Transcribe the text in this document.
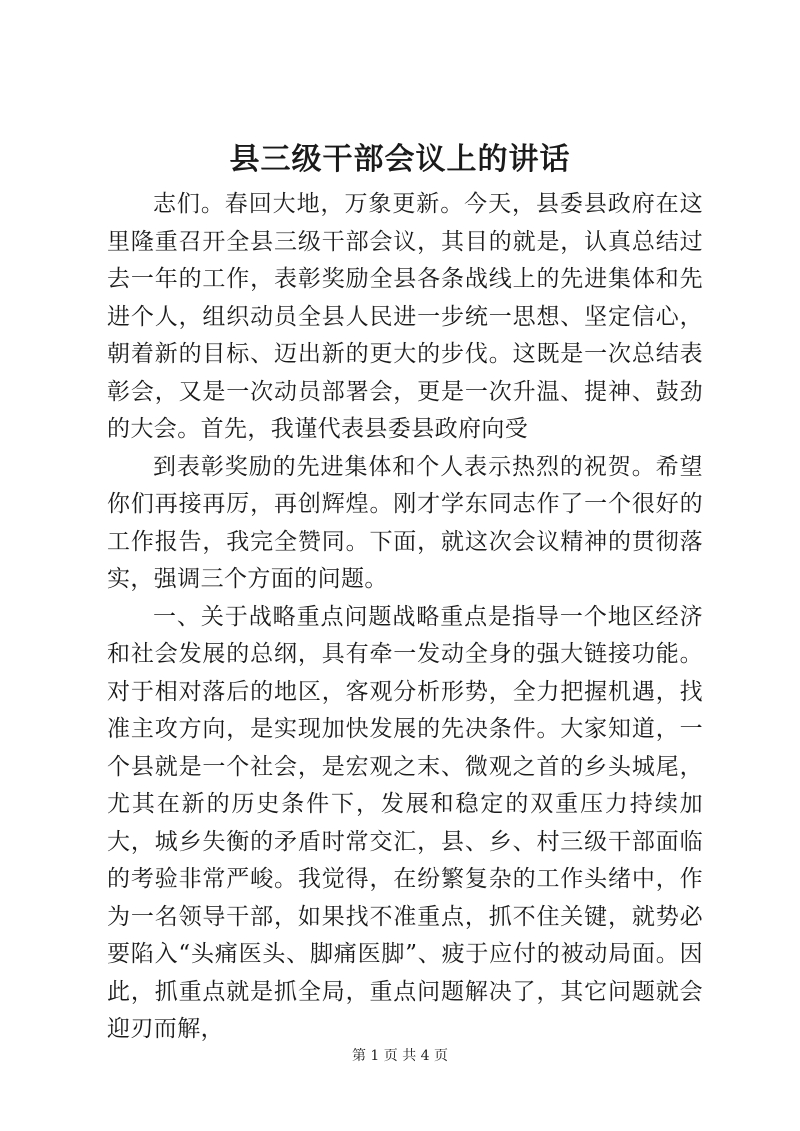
县三级干部会议上的讲话

志们。春回大地，万象更新。今天，县委县政府在这里隆重召开全县三级干部会议，其目的就是，认真总结过去一年的工作，表彰奖励全县各条战线上的先进集体和先进个人，组织动员全县人民进一步统一思想、坚定信心，朝着新的目标、迈出新的更大的步伐。这既是一次总结表彰会，又是一次动员部署会，更是一次升温、提神、鼓劲的大会。首先，我谨代表县委县政府向受

到表彰奖励的先进集体和个人表示热烈的祝贺。希望你们再接再厉，再创辉煌。刚才学东同志作了一个很好的工作报告，我完全赞同。下面，就这次会议精神的贯彻落实，强调三个方面的问题。

一、关于战略重点问题战略重点是指导一个地区经济和社会发展的总纲，具有牵一发动全身的强大链接功能。对于相对落后的地区，客观分析形势，全力把握机遇，找准主攻方向，是实现加快发展的先决条件。大家知道，一个县就是一个社会，是宏观之末、微观之首的乡头城尾，尤其在新的历史条件下，发展和稳定的双重压力持续加大，城乡失衡的矛盾时常交汇，县、乡、村三级干部面临的考验非常严峻。我觉得，在纷繁复杂的工作头绪中，作为一名领导干部，如果找不准重点，抓不住关键，就势必要陷入“头痛医头、脚痛医脚”、疲于应付的被动局面。因此，抓重点就是抓全局，重点问题解决了，其它问题就会迎刃而解，

第 1 页 共 4 页
